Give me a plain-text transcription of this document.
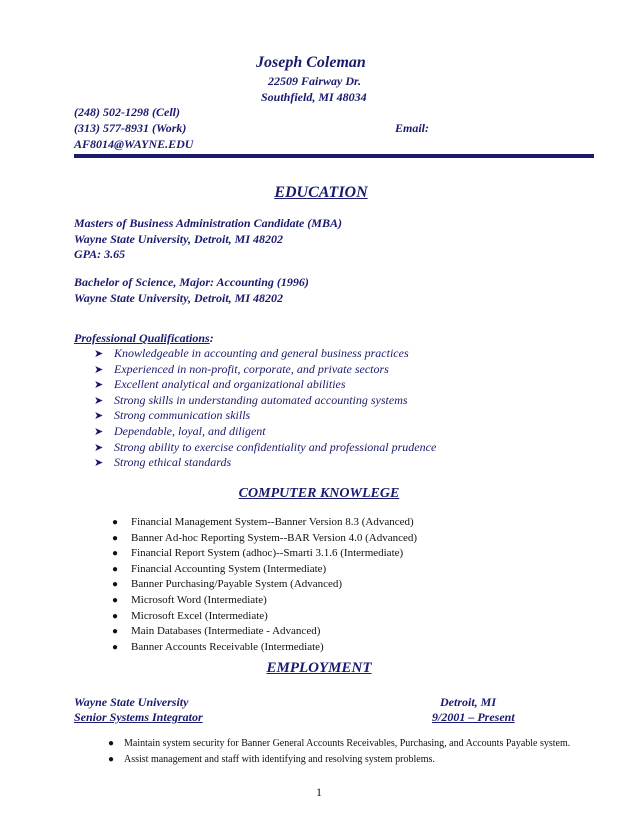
Joseph Coleman
22509 Fairway Dr.
Southfield, MI 48034
(248) 502-1298 (Cell)
(313) 577-8931 (Work)	Email:
AF8014@WAYNE.EDU
EDUCATION
Masters of Business Administration Candidate (MBA)
Wayne State University, Detroit, MI 48202
GPA: 3.65
Bachelor of Science, Major: Accounting (1996)
Wayne State University, Detroit, MI 48202
Professional Qualifications:
➤ Knowledgeable in accounting and general business practices
➤ Experienced in non-profit, corporate, and private sectors
➤ Excellent analytical and organizational abilities
➤ Strong skills in understanding automated accounting systems
➤ Strong communication skills
➤ Dependable, loyal, and diligent
➤ Strong ability to exercise confidentiality and professional prudence
➤ Strong ethical standards
COMPUTER KNOWLEGE
● Financial Management System--Banner Version 8.3 (Advanced)
● Banner Ad-hoc Reporting System--BAR Version 4.0 (Advanced)
● Financial Report System (adhoc)--Smarti 3.1.6 (Intermediate)
● Financial Accounting System (Intermediate)
● Banner Purchasing/Payable System (Advanced)
● Microsoft Word (Intermediate)
● Microsoft Excel (Intermediate)
● Main Databases (Intermediate - Advanced)
● Banner Accounts Receivable (Intermediate)
EMPLOYMENT
Wayne State University	Detroit, MI
Senior Systems Integrator	9/2001 – Present
● Maintain system security for Banner General Accounts Receivables, Purchasing, and Accounts Payable system.
● Assist management and staff with identifying and resolving system problems.
1
